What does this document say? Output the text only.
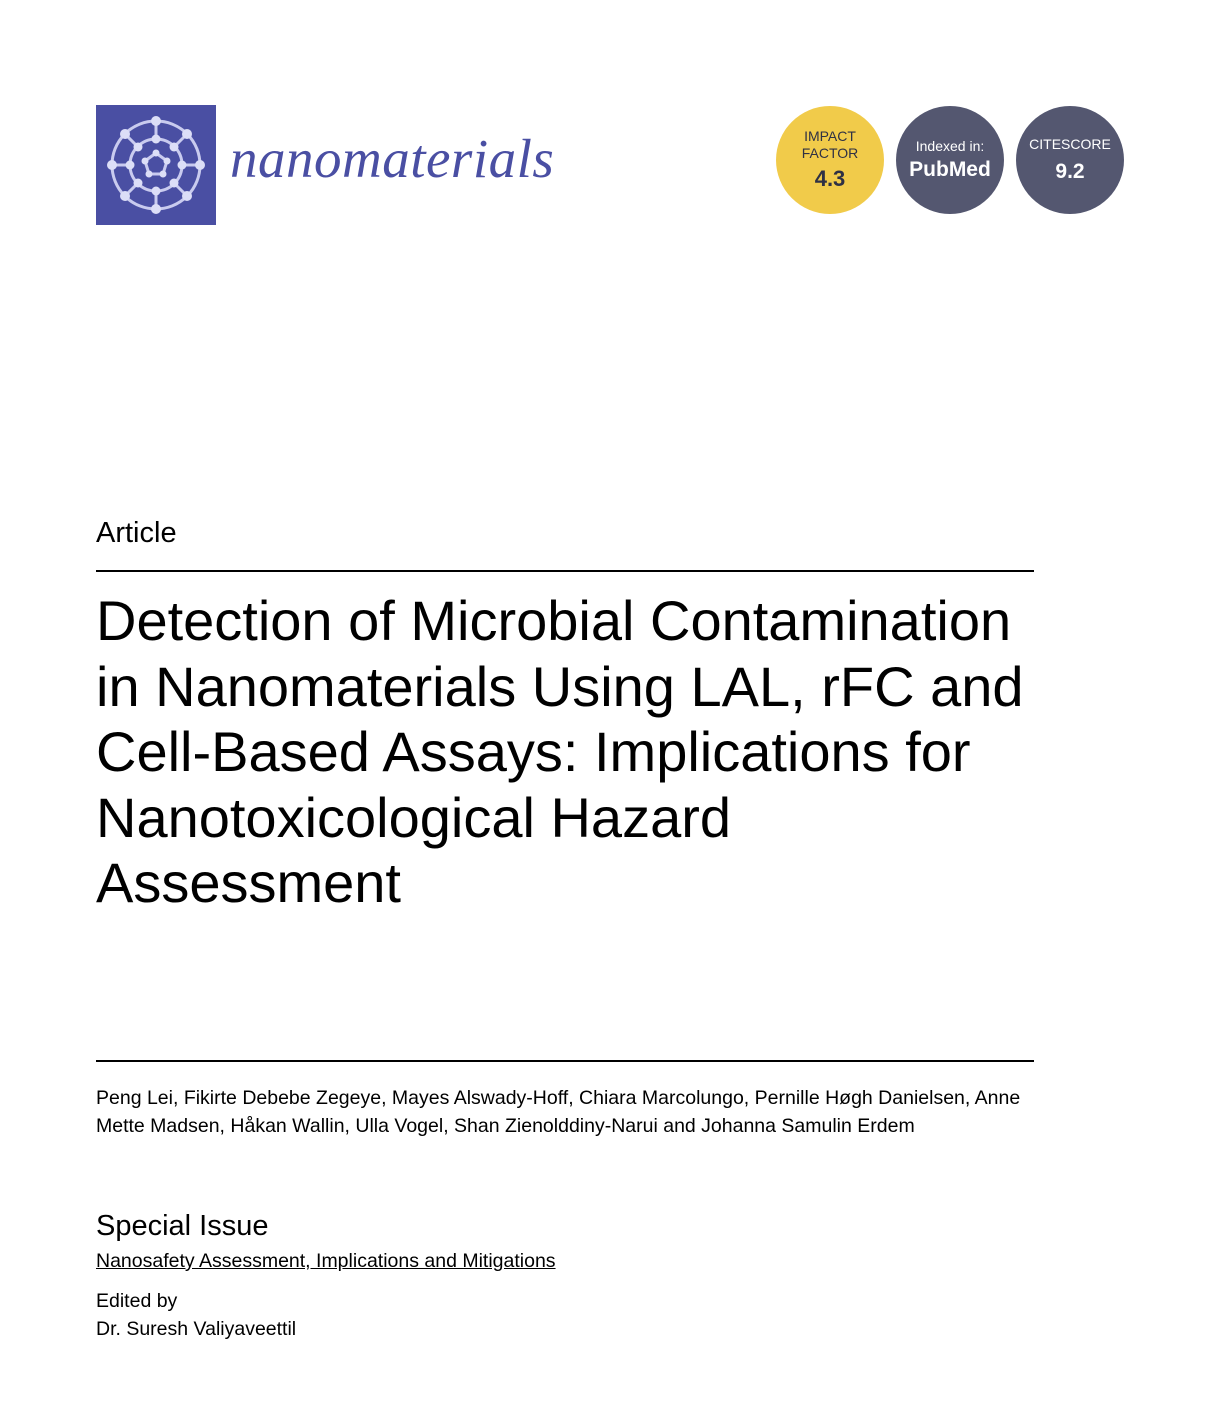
nanomaterials	IMPACT FACTOR
4.3
Indexed in:
PubMed
CITESCORE
9.2
Article
Detection of Microbial Contamination in Nanomaterials Using LAL, rFC and Cell-Based Assays: Implications for Nanotoxicological Hazard Assessment
Peng Lei, Fikirte Debebe Zegeye, Mayes Alswady-Hoff, Chiara Marcolungo, Pernille Høgh Danielsen, Anne Mette Madsen, Håkan Wallin, Ulla Vogel, Shan Zienolddiny-Narui and Johanna Samulin Erdem
Special Issue
Nanosafety Assessment, Implications and Mitigations
Edited by
Dr. Suresh Valiyaveettil
